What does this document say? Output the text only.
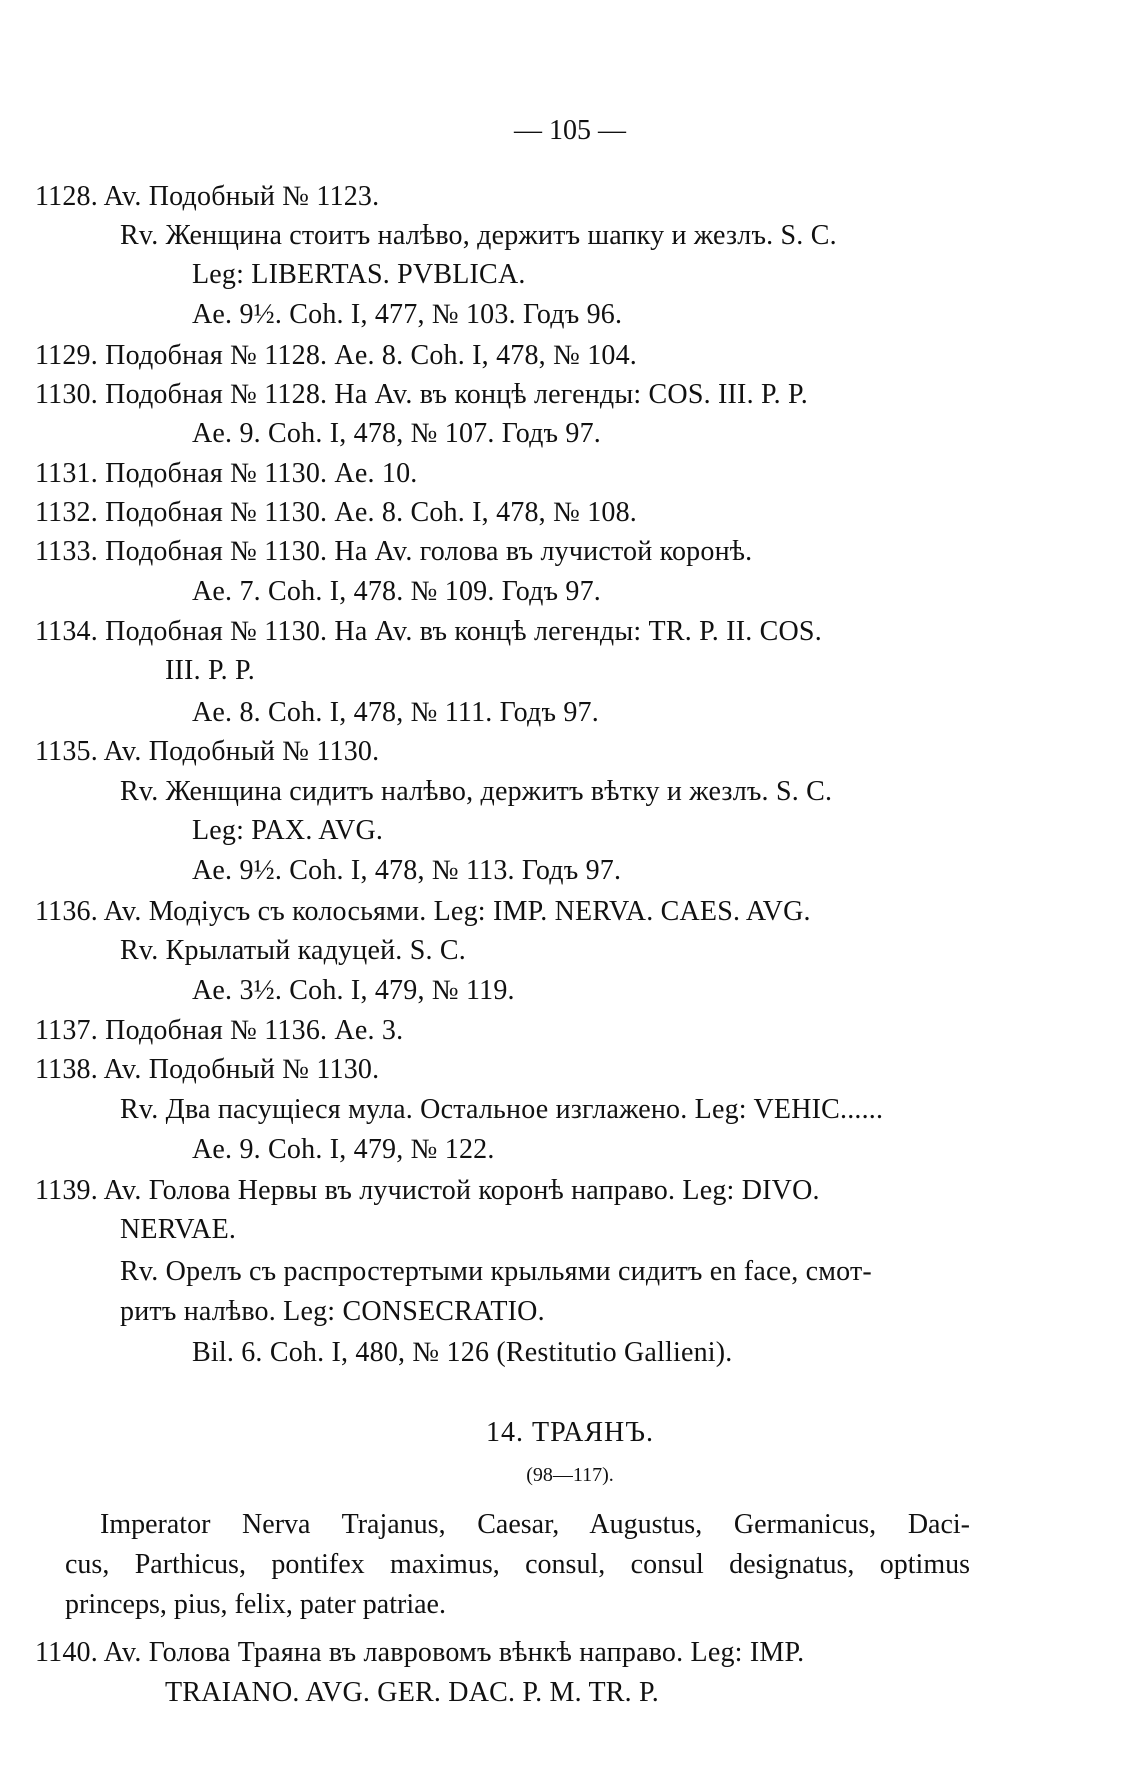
— 105 —
1128. Av. Подобный № 1123.
Rv. Женщина стоитъ налѣво, держитъ шапку и жезлъ. S. C.
Leg: LIBERTAS. PVBLICA.
Ae. 9½. Coh. I, 477, № 103. Годъ 96.
1129. Подобная № 1128. Ae. 8. Coh. I, 478, № 104.
1130. Подобная № 1128. На Av. въ концѣ легенды: COS. III. P. P.
Ae. 9. Coh. I, 478, № 107. Годъ 97.
1131. Подобная № 1130. Ae. 10.
1132. Подобная № 1130. Ae. 8. Coh. I, 478, № 108.
1133. Подобная № 1130. На Av. голова въ лучистой коронѣ.
Ae. 7. Coh. I, 478. № 109. Годъ 97.
1134. Подобная № 1130. На Av. въ концѣ легенды: TR. P. II. COS.
III. P. P.
Ae. 8. Coh. I, 478, № 111. Годъ 97.
1135. Av. Подобный № 1130.
Rv. Женщина сидитъ налѣво, держитъ вѣтку и жезлъ. S. C.
Leg: PAX. AVG.
Ae. 9½. Coh. I, 478, № 113. Годъ 97.
1136. Av. Модіусъ съ колосьями. Leg: IMP. NERVA. CAES. AVG.
Rv. Крылатый кадуцей. S. C.
Ae. 3½. Coh. I, 479, № 119.
1137. Подобная № 1136. Ae. 3.
1138. Av. Подобный № 1130.
Rv. Два пасущіеся мула. Остальное изглажено. Leg: VEHIC......
Ae. 9. Coh. I, 479, № 122.
1139. Av. Голова Нервы въ лучистой коронѣ направо. Leg: DIVO.
NERVAE.
Rv. Орелъ съ распростертыми крыльями сидитъ en face, смот-
ритъ налѣво. Leg: CONSECRATIO.
Bil. 6. Coh. I, 480, № 126 (Restitutio Gallieni).
14. ТРАЯНЪ.
(98—117).
Imperator Nerva Trajanus, Caesar, Augustus, Germanicus, Daci-
cus, Parthicus, pontifex maximus, consul, consul designatus, optimus
princeps, pius, felix, pater patriae.
1140. Av. Голова Траяна въ лавровомъ вѣнкѣ направо. Leg: IMP.
TRAIANO. AVG. GER. DAC. P. M. TR. P.
